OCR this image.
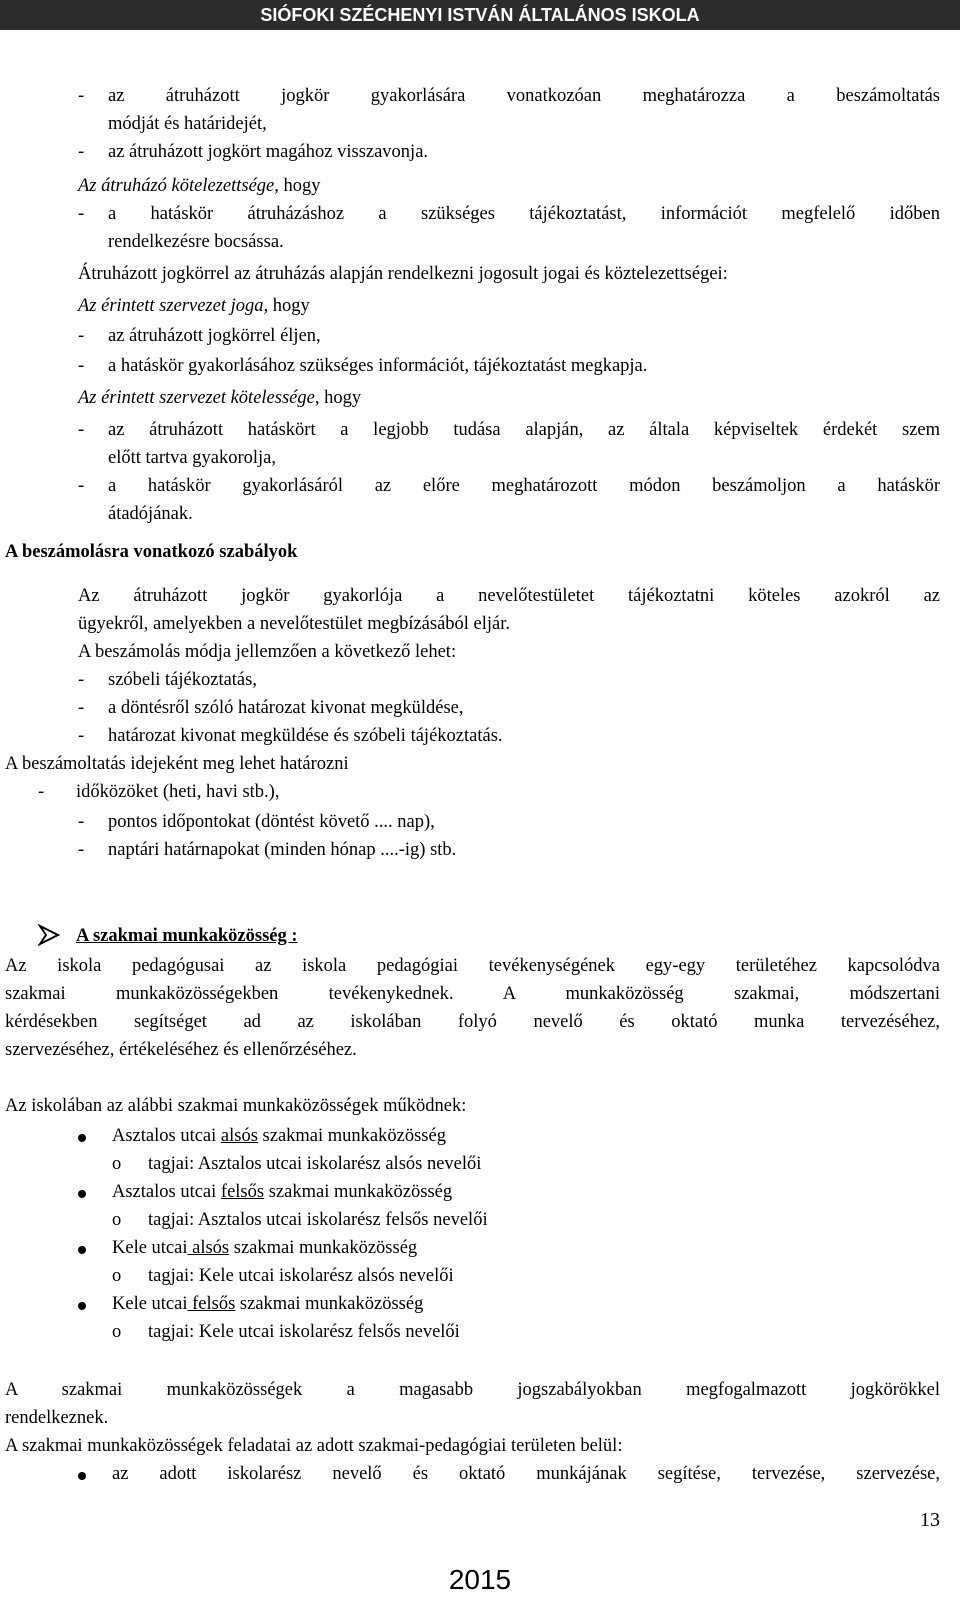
SIÓFOKI SZÉCHENYI ISTVÁN ÁLTALÁNOS ISKOLA
- az átruházott jogkör gyakorlására vonatkozóan meghatározza a beszámoltatás
módját és határidejét,
- az átruházott jogkört magához visszavonja.
Az átruházó kötelezettsége, hogy
- a hatáskör átruházáshoz a szükséges tájékoztatást, információt megfelelő időben
rendelkezésre bocsássa.
Átruházott jogkörrel az átruházás alapján rendelkezni jogosult jogai és köztelezettségei:
Az érintett szervezet joga, hogy
- az átruházott jogkörrel éljen,
- a hatáskör gyakorlásához szükséges információt, tájékoztatást megkapja.
Az érintett szervezet kötelessége, hogy
- az átruházott hatáskört a legjobb tudása alapján, az általa képviseltek érdekét szem
előtt tartva gyakorolja,
- a hatáskör gyakorlásáról az előre meghatározott módon beszámoljon a hatáskör
átadójának.
A beszámolásra vonatkozó szabályok
Az átruházott jogkör gyakorlója a nevelőtestületet tájékoztatni köteles azokról az
ügyekről, amelyekben a nevelőtestület megbízásából eljár.
A beszámolás módja jellemzően a következő lehet:
- szóbeli tájékoztatás,
- a döntésről szóló határozat kivonat megküldése,
- határozat kivonat megküldése és szóbeli tájékoztatás.
A beszámoltatás idejeként meg lehet határozni
- időközöket (heti, havi stb.),
- pontos időpontokat (döntést követő .... nap),
- naptári határnapokat (minden hónap ....-ig) stb.
A szakmai munkaközösség :
Az iskola pedagógusai az iskola pedagógiai tevékenységének egy-egy területéhez kapcsolódva
szakmai munkaközösségekben tevékenykednek. A munkaközösség szakmai, módszertani
kérdésekben segítséget ad az iskolában folyó nevelő és oktató munka tervezéséhez,
szervezéséhez, értékeléséhez és ellenőrzéséhez.
Az iskolában az alábbi szakmai munkaközösségek működnek:
Asztalos utcai alsós szakmai munkaközösség
o tagjai: Asztalos utcai iskolarész alsós nevelői
Asztalos utcai felsős szakmai munkaközösség
o tagjai: Asztalos utcai iskolarész felsős nevelői
Kele utcai alsós szakmai munkaközösség
o tagjai: Kele utcai iskolarész alsós nevelői
Kele utcai felsős szakmai munkaközösség
o tagjai: Kele utcai iskolarész felsős nevelői
A szakmai munkaközösségek a magasabb jogszabályokban megfogalmazott jogkörökkel
rendelkeznek.
A szakmai munkaközösségek feladatai az adott szakmai-pedagógiai területen belül:
az adott iskolarész nevelő és oktató munkájának segítése, tervezése, szervezése,
13
2015
